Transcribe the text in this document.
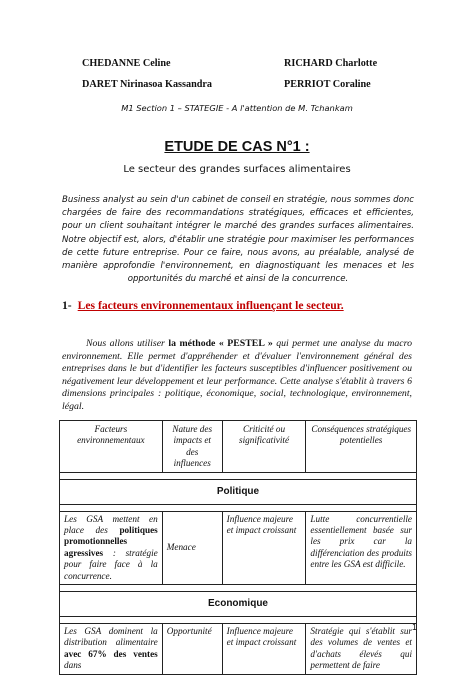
CHEDANNE Celine	RICHARD Charlotte
DARET Nirinasoa Kassandra	PERRIOT Coraline
M1 Section 1 – STATEGIE - A l'attention de M. Tchankam
ETUDE DE CAS N°1 :
Le secteur des grandes surfaces alimentaires
Business analyst au sein d'un cabinet de conseil en stratégie, nous sommes donc chargées de faire des recommandations stratégiques, efficaces et efficientes, pour un client souhaitant intégrer le marché des grandes surfaces alimentaires. Notre objectif est, alors, d'établir une stratégie pour maximiser les performances de cette future entreprise. Pour ce faire, nous avons, au préalable, analysé de manière approfondie l'environnement, en diagnostiquant les menaces et les opportunités du marché et ainsi de la concurrence.
1- Les facteurs environnementaux influençant le secteur.
Nous allons utiliser la méthode « PESTEL » qui permet une analyse du macro environnement. Elle permet d'appréhender et d'évaluer l'environnement général des entreprises dans le but d'identifier les facteurs susceptibles d'influencer positivement ou négativement leur développement et leur performance. Cette analyse s'établit à travers 6 dimensions principales : politique, économique, social, technologique, environnement, légal.
Facteurs environnementaux	Nature des impacts et des influences	Criticité ou significativité	Conséquences stratégiques potentielles

Politique			

Les GSA mettent en place des politiques promotionnelles agressives : stratégie pour faire face à la concurrence.	Menace	Influence majeure et impact croissant	Lutte concurrentielle essentiellement basée sur les prix car la différenciation des produits entre les GSA est difficile.

Economique			

Les GSA dominent la distribution alimentaire avec 67% des ventes dans	Opportunité	Influence majeure et impact croissant	Stratégie qui s'établit sur des volumes de ventes et d'achats élevés qui permettent de faire
1
